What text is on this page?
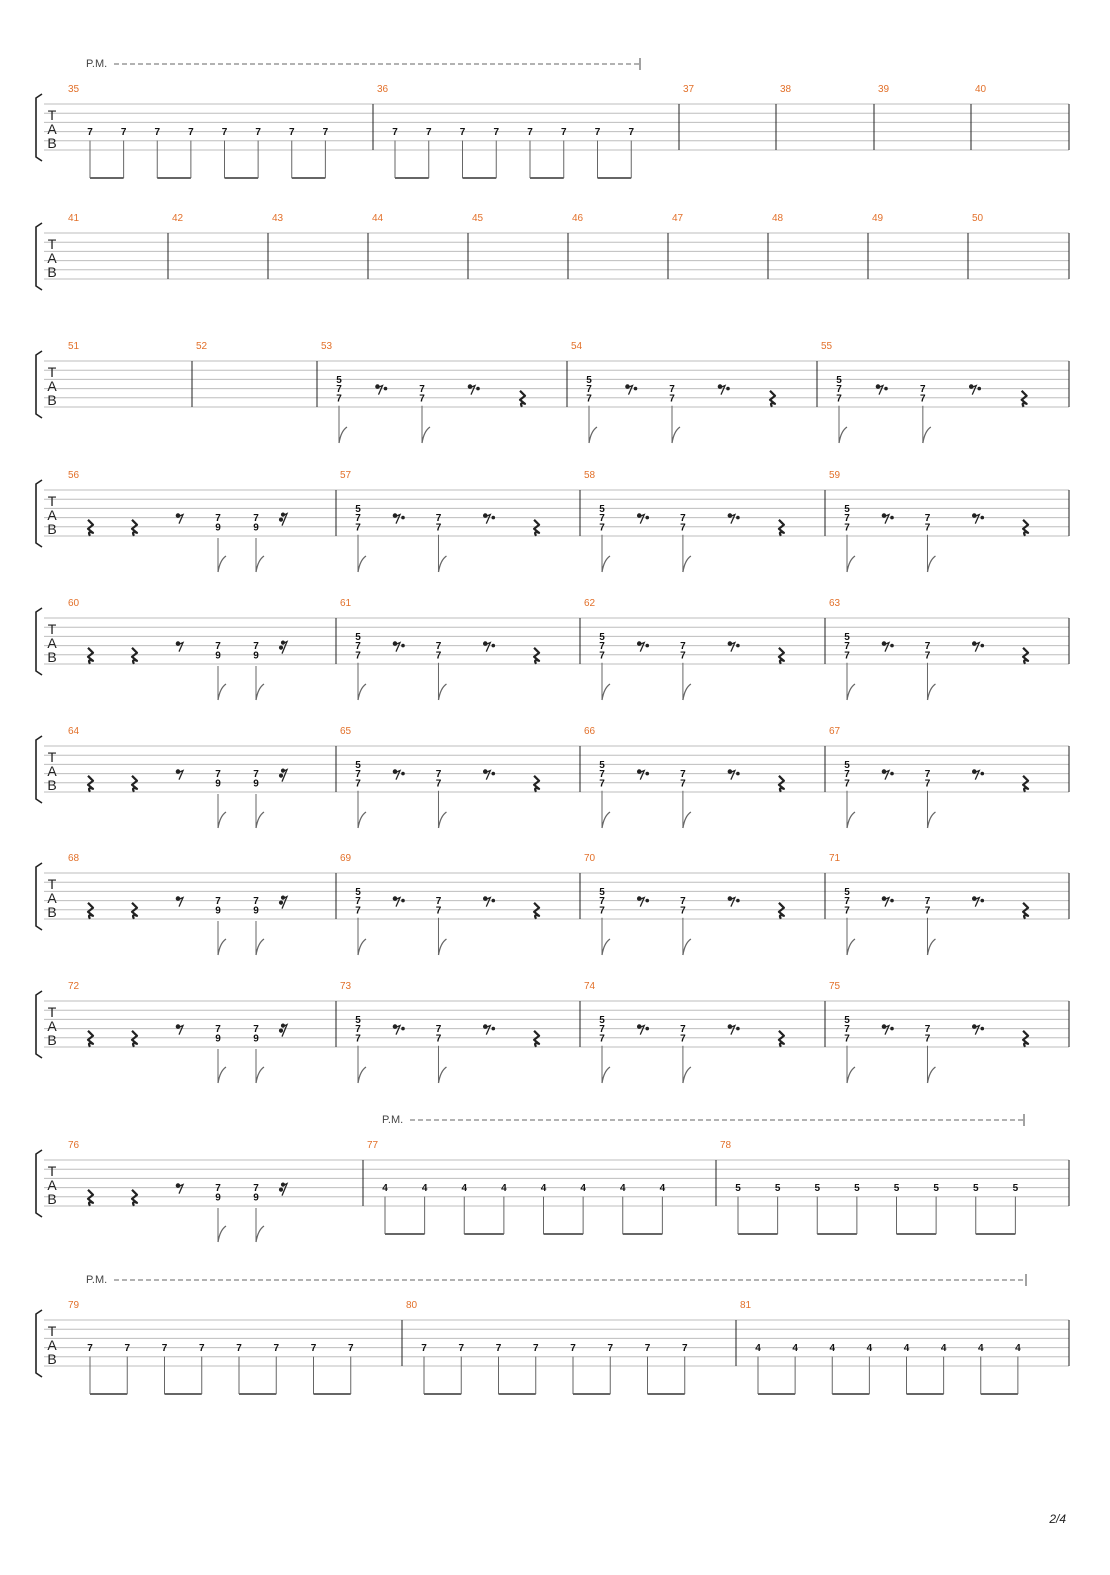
T
A
B
P.M.
35
7	7	7	7	7	7	7	7
36
7	7	7	7	7	7	7	7
37	38	39	40
T
A
B
41	42	43	44	45	46	47	48	49	50
T
A
B
51	52	53
5
7
7
7
7
54
5
7
7
7
7
55
5
7
7
7
7
T
A
B
56
7
9
7
9
57
5
7
7
7
7
58
5
7
7
7
7
59
5
7
7
7
7
T
A
B
60
7
9
7
9
61
5
7
7
7
7
62
5
7
7
7
7
63
5
7
7
7
7
T
A
B
64
7
9
7
9
65
5
7
7
7
7
66
5
7
7
7
7
67
5
7
7
7
7
T
A
B
68
7
9
7
9
69
5
7
7
7
7
70
5
7
7
7
7
71
5
7
7
7
7
T
A
B
72
7
9
7
9
73
5
7
7
7
7
74
5
7
7
7
7
75
5
7
7
7
7
T
A
B
P.M.
76
7
9
7
9
77
4	4	4	4	4	4	4	4
78
5	5	5	5	5	5	5	5
T
A
B
P.M.
79
7	7	7	7	7	7	7	7
80
7	7	7	7	7	7	7	7
81
4	4	4	4	4	4	4	4
2/4
